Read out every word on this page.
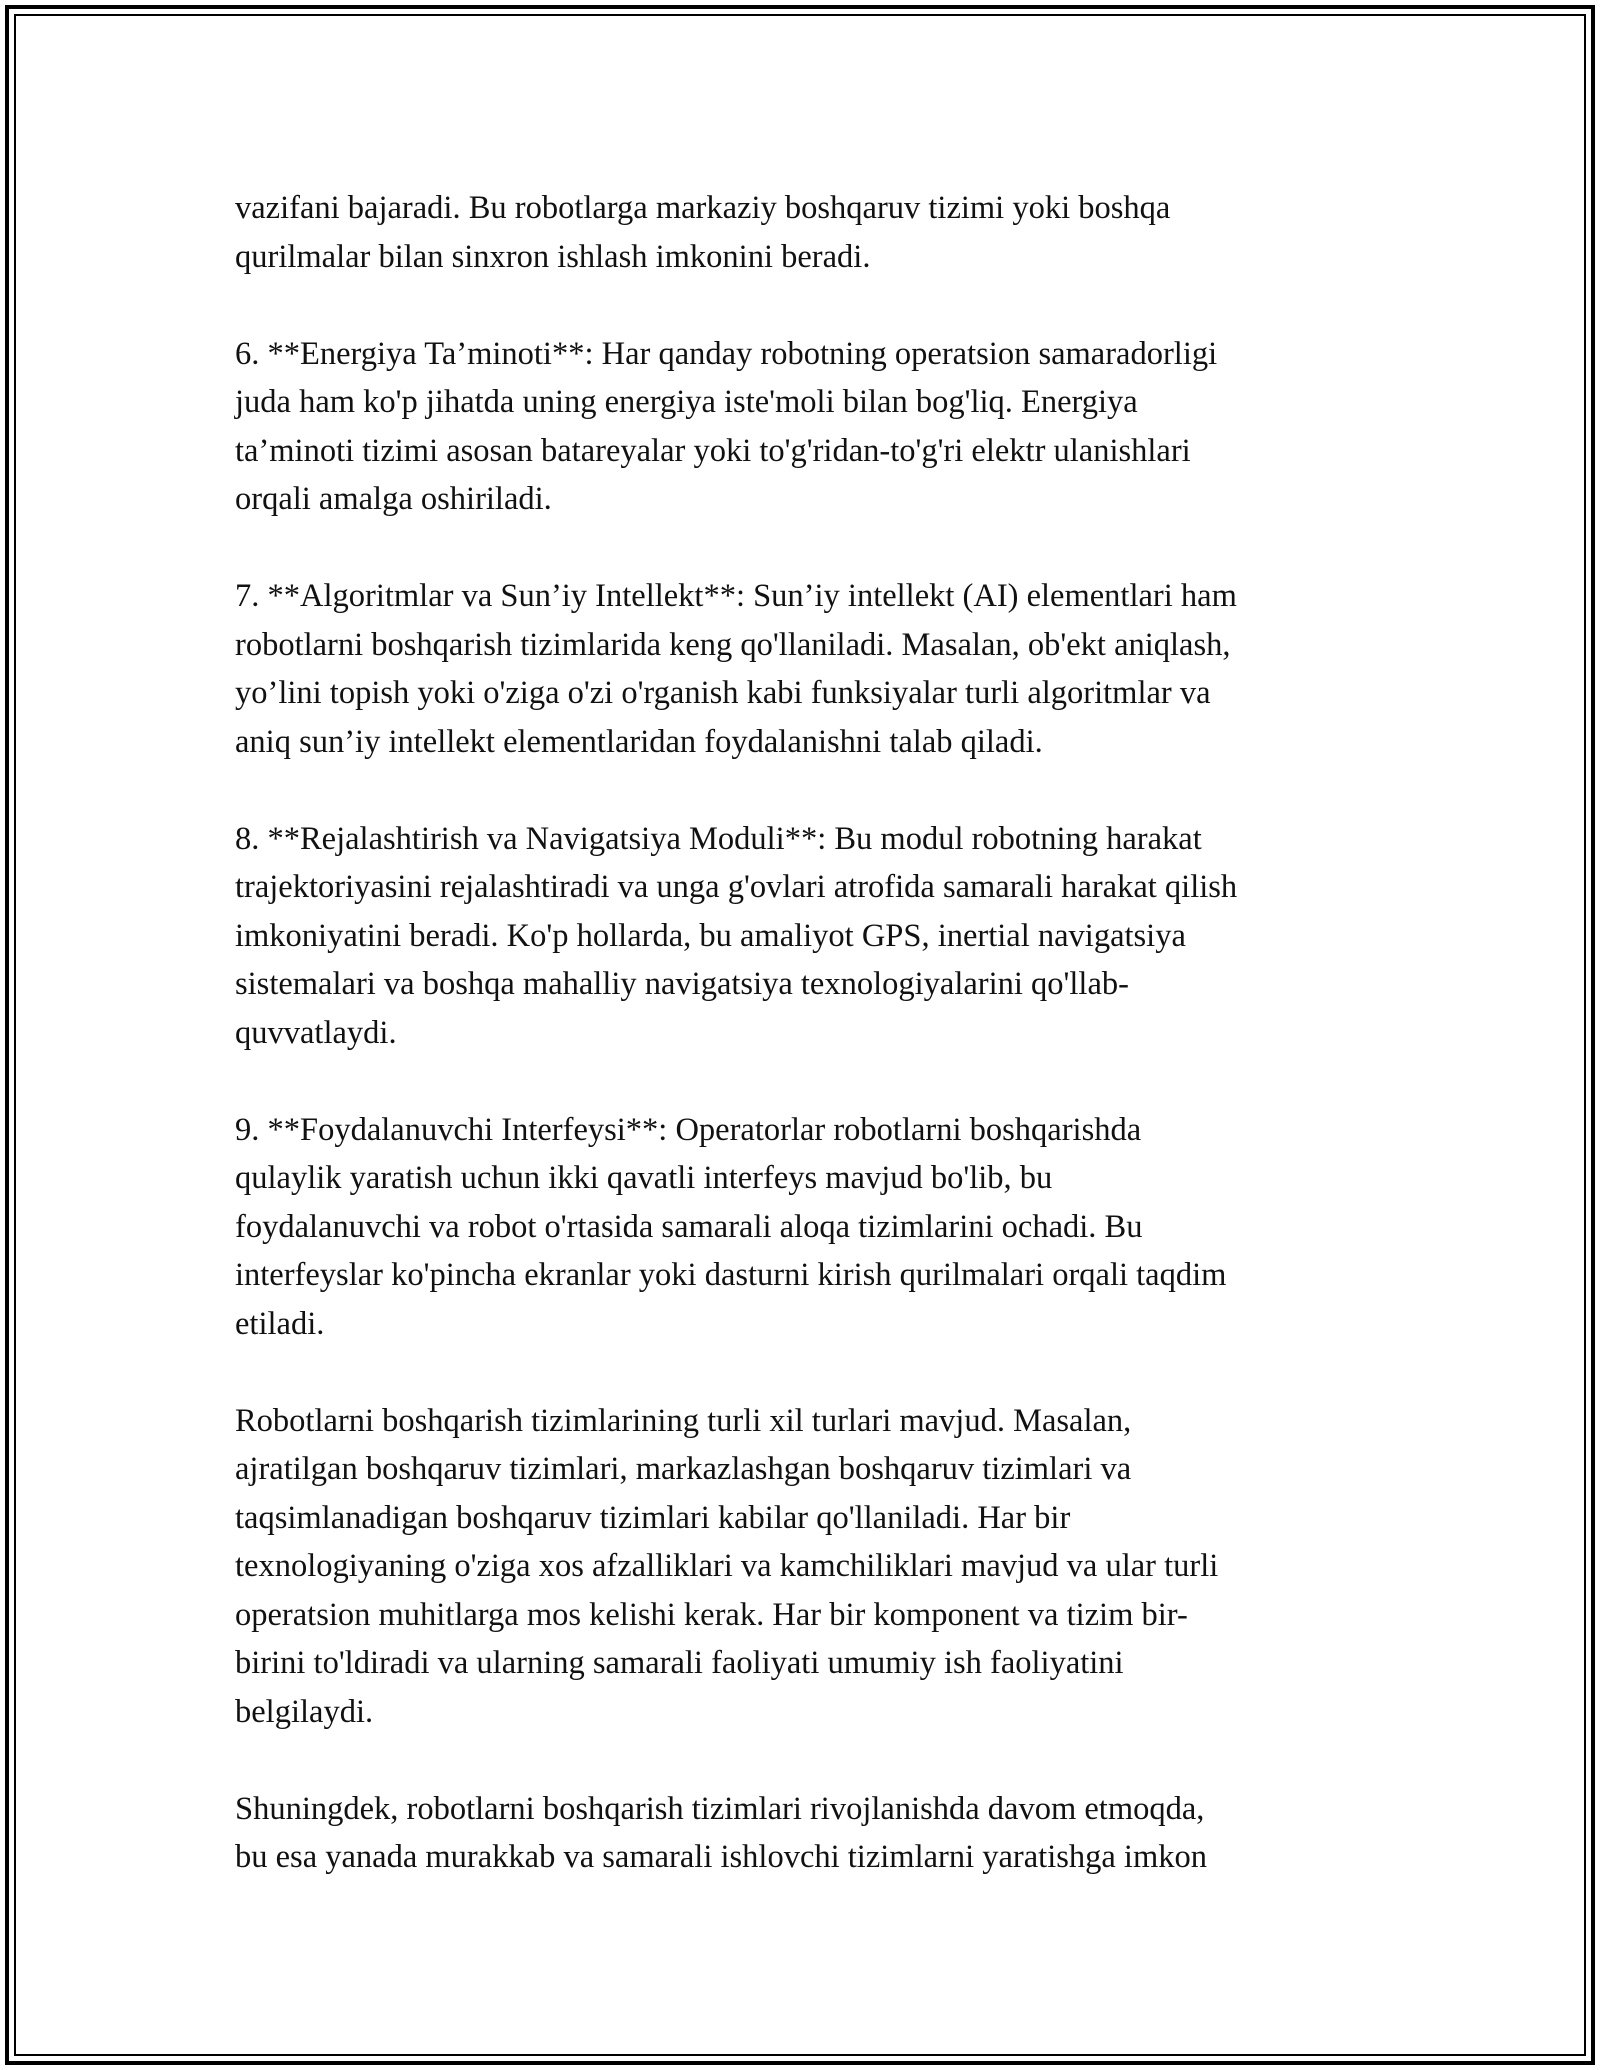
vazifani bajaradi. Bu robotlarga markaziy boshqaruv tizimi yoki boshqa
qurilmalar bilan sinxron ishlash imkonini beradi.

6. **Energiya Ta’minoti**: Har qanday robotning operatsion samaradorligi
juda ham ko'p jihatda uning energiya iste'moli bilan bog'liq. Energiya
ta’minoti tizimi asosan batareyalar yoki to'g'ridan-to'g'ri elektr ulanishlari
orqali amalga oshiriladi.

7. **Algoritmlar va Sun’iy Intellekt**: Sun’iy intellekt (AI) elementlari ham
robotlarni boshqarish tizimlarida keng qo'llaniladi. Masalan, ob'ekt aniqlash,
yo’lini topish yoki o'ziga o'zi o'rganish kabi funksiyalar turli algoritmlar va
aniq sun’iy intellekt elementlaridan foydalanishni talab qiladi.

8. **Rejalashtirish va Navigatsiya Moduli**: Bu modul robotning harakat
trajektoriyasini rejalashtiradi va unga g'ovlari atrofida samarali harakat qilish
imkoniyatini beradi. Ko'p hollarda, bu amaliyot GPS, inertial navigatsiya
sistemalari va boshqa mahalliy navigatsiya texnologiyalarini qo'llab-
quvvatlaydi.

9. **Foydalanuvchi Interfeysi**: Operatorlar robotlarni boshqarishda
qulaylik yaratish uchun ikki qavatli interfeys mavjud bo'lib, bu
foydalanuvchi va robot o'rtasida samarali aloqa tizimlarini ochadi. Bu
interfeyslar ko'pincha ekranlar yoki dasturni kirish qurilmalari orqali taqdim
etiladi.

Robotlarni boshqarish tizimlarining turli xil turlari mavjud. Masalan,
ajratilgan boshqaruv tizimlari, markazlashgan boshqaruv tizimlari va
taqsimlanadigan boshqaruv tizimlari kabilar qo'llaniladi. Har bir
texnologiyaning o'ziga xos afzalliklari va kamchiliklari mavjud va ular turli
operatsion muhitlarga mos kelishi kerak. Har bir komponent va tizim bir-
birini to'ldiradi va ularning samarali faoliyati umumiy ish faoliyatini
belgilaydi.

Shuningdek, robotlarni boshqarish tizimlari rivojlanishda davom etmoqda,
bu esa yanada murakkab va samarali ishlovchi tizimlarni yaratishga imkon
